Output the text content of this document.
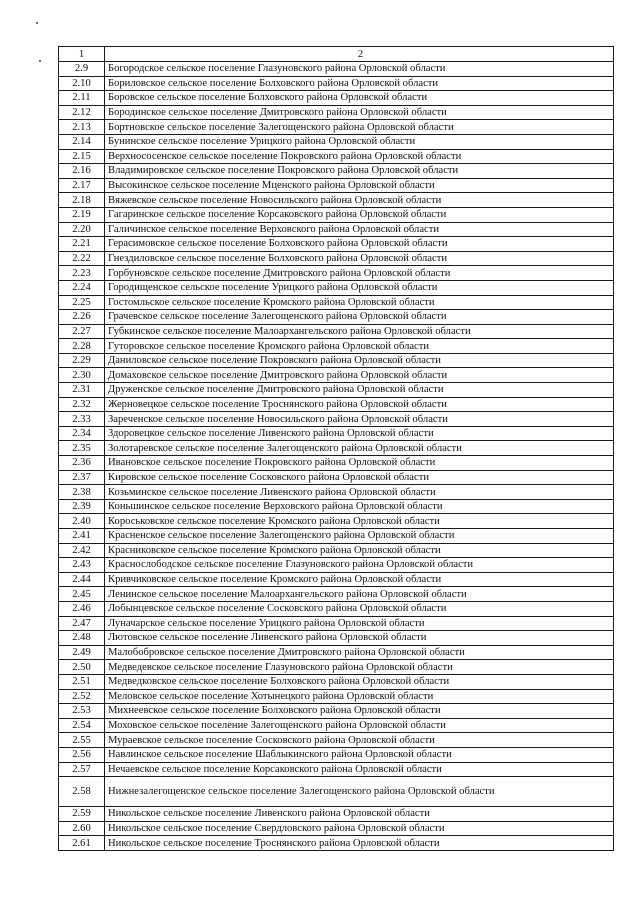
1	2
2.9	Богородское сельское поселение Глазуновского района Орловской области
2.10	Бориловское сельское поселение Болховского района Орловской области
2.11	Боровское сельское поселение Болховского района Орловской области
2.12	Бородинское сельское поселение Дмитровского района Орловской области
2.13	Бортновское сельское поселение Залегощенского района Орловской области
2.14	Бунинское сельское поселение Урицкого района Орловской области
2.15	Верхнососенское сельское поселение Покровского района Орловской области
2.16	Владимировское сельское поселение Покровского района Орловской области
2.17	Высокинское сельское поселение Мценского района Орловской области
2.18	Вяжевское сельское поселение Новосильского района Орловской области
2.19	Гагаринское сельское поселение Корсаковского района Орловской области
2.20	Галичинское сельское поселение Верховского района Орловской области
2.21	Герасимовское сельское поселение Болховского района Орловской области
2.22	Гнездиловское сельское поселение Болховского района Орловской области
2.23	Горбуновское сельское поселение Дмитровского района Орловской области
2.24	Городищенское сельское поселение Урицкого района Орловской области
2.25	Гостомльское сельское поселение Кромского района Орловской области
2.26	Грачевское сельское поселение Залегощенского района Орловской области
2.27	Губкинское сельское поселение Малоархангельского района Орловской области
2.28	Гуторовское сельское поселение Кромского района Орловской области
2.29	Даниловское сельское поселение Покровского района Орловской области
2.30	Домаховское сельское поселение Дмитровского района Орловской области
2.31	Друженское сельское поселение Дмитровского района Орловской области
2.32	Жерновецкое сельское поселение Троснянского района Орловской области
2.33	Зареченское сельское поселение Новосильского района Орловской области
2.34	Здоровецкое сельское поселение Ливенского района Орловской области
2.35	Золотаревское сельское поселение Залегощенского района Орловской области
2.36	Ивановское сельское поселение Покровского района Орловской области
2.37	Кировское сельское поселение Сосковского района Орловской области
2.38	Козьминское сельское поселение Ливенского района Орловской области
2.39	Коньшинское сельское поселение Верховского района Орловской области
2.40	Короськовское сельское поселение Кромского района Орловской области
2.41	Красненское сельское поселение Залегощенского района Орловской области
2.42	Красниковское сельское поселение Кромского района Орловской области
2.43	Краснослободское сельское поселение Глазуновского района Орловской области
2.44	Кривчиковское сельское поселение Кромского района Орловской области
2.45	Ленинское сельское поселение Малоархангельского района Орловской области
2.46	Лобынцевское сельское поселение Сосковского района Орловской области
2.47	Луначарское сельское поселение Урицкого района Орловской области
2.48	Лютовское сельское поселение Ливенского района Орловской области
2.49	Малобобровское сельское поселение Дмитровского района Орловской области
2.50	Медведевское сельское поселение Глазуновского района Орловской области
2.51	Медведковское сельское поселение Болховского района Орловской области
2.52	Меловское сельское поселение Хотынецкого района Орловской области
2.53	Михнеевское сельское поселение Болховского района Орловской области
2.54	Моховское сельское поселение Залегощенского района Орловской области
2.55	Мураевское сельское поселение Сосковского района Орловской области
2.56	Навлинское сельское поселение Шаблыкинского района Орловской области
2.57	Нечаевское сельское поселение Корсаковского района Орловской области
2.58	Нижнезалегощенское сельское поселение Залегощенского района Орловской области
2.59	Никольское сельское поселение Ливенского района Орловской области
2.60	Никольское сельское поселение Свердловского района Орловской области
2.61	Никольское сельское поселение Троснянского района Орловской области
